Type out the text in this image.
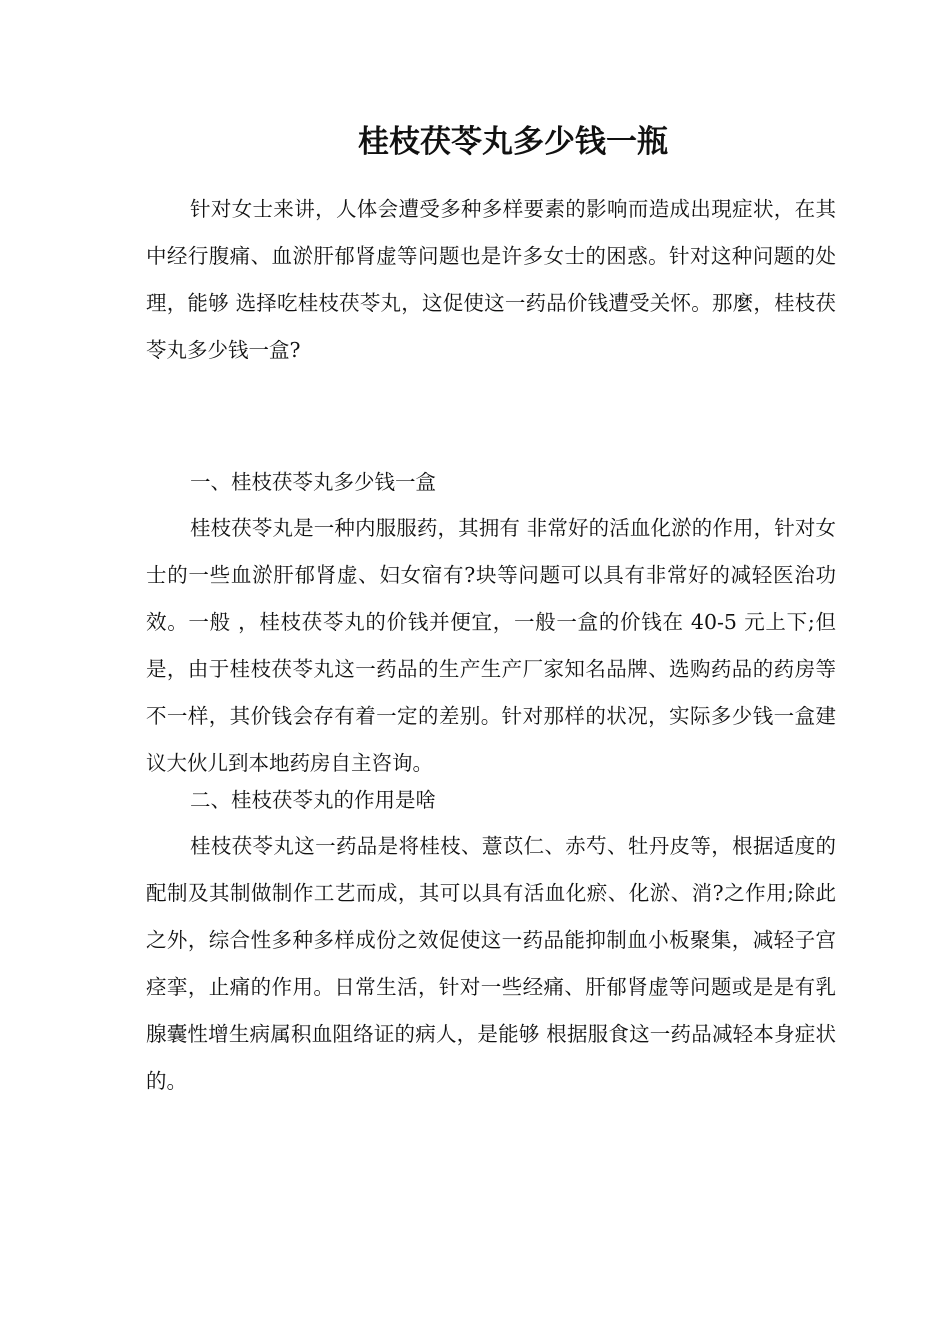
桂枝茯苓丸多少钱一瓶

针对女士来讲，人体会遭受多种多样要素的影响而造成出現症状，在其中经行腹痛、血淤肝郁肾虚等问题也是许多女士的困惑。针对这种问题的处理，能够 选择吃桂枝茯苓丸，这促使这一药品价钱遭受关怀。那麼，桂枝茯苓丸多少钱一盒?

一、桂枝茯苓丸多少钱一盒

桂枝茯苓丸是一种内服服药，其拥有 非常好的活血化淤的作用，针对女士的一些血淤肝郁肾虚、妇女宿有?块等问题可以具有非常好的减轻医治功效。一般 ，桂枝茯苓丸的价钱并便宜，一般一盒的价钱在 40-5 元上下;但是，由于桂枝茯苓丸这一药品的生产生产厂家知名品牌、选购药品的药房等不一样，其价钱会存有着一定的差别。针对那样的状况，实际多少钱一盒建议大伙儿到本地药房自主咨询。

二、桂枝茯苓丸的作用是啥

桂枝茯苓丸这一药品是将桂枝、薏苡仁、赤芍、牡丹皮等，根据适度的配制及其制做制作工艺而成，其可以具有活血化瘀、化淤、消?之作用;除此之外，综合性多种多样成份之效促使这一药品能抑制血小板聚集，减轻子宫痉挛，止痛的作用。日常生活，针对一些经痛、肝郁肾虚等问题或是是有乳腺囊性增生病属积血阻络证的病人，是能够 根据服食这一药品减轻本身症状的。
